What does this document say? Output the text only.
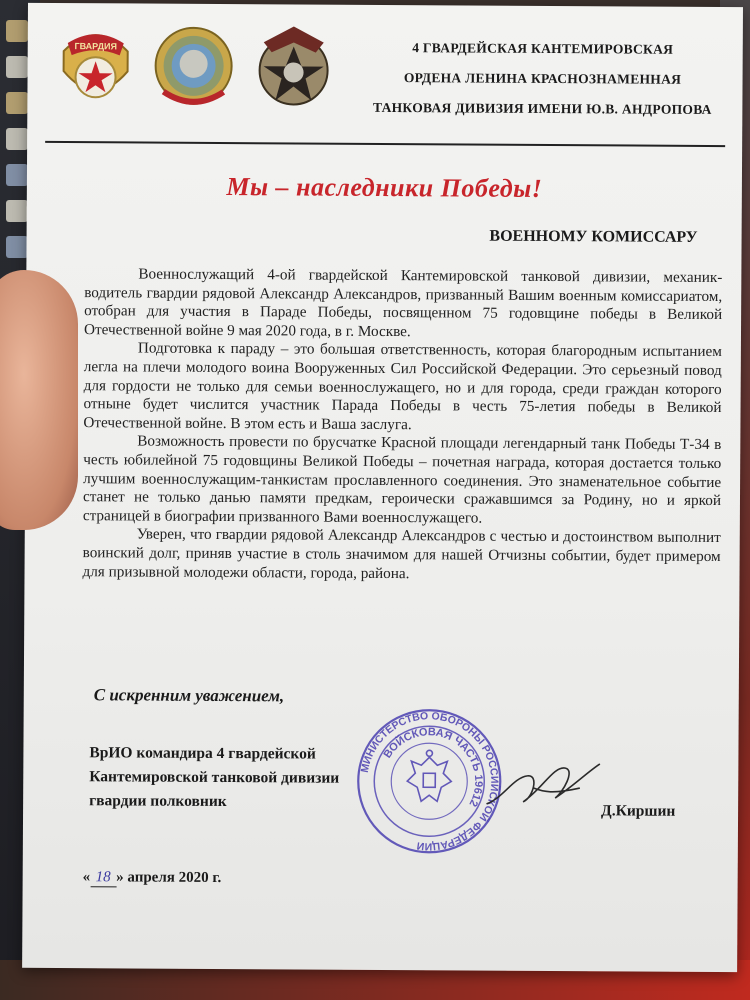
ГВАРДИЯ	4 ГВАРДЕЙСКАЯ КАНТЕМИРОВСКАЯ
ОРДЕНА ЛЕНИНА КРАСНОЗНАМЕННАЯ
ТАНКОВАЯ ДИВИЗИЯ ИМЕНИ Ю.В. АНДРОПОВА
Мы – наследники Победы!
ВОЕННОМУ КОМИССАРУ

Военнослужащий 4-ой гвардейской Кантемировской танковой дивизии, механик-водитель гвардии рядовой Александр Александров, призванный Вашим военным комиссариатом, отобран для участия в Параде Победы, посвященном 75 годовщине победы в Великой Отечественной войне 9 мая 2020 года, в г. Москве.

Подготовка к параду – это большая ответственность, которая благородным испытанием легла на плечи молодого воина Вооруженных Сил Российской Федерации. Это серьезный повод для гордости не только для семьи военнослужащего, но и для города, среди граждан которого отныне будет числится участник Парада Победы в честь 75-летия победы в Великой Отечественной войне. В этом есть и Ваша заслуга.

Возможность провести по брусчатке Красной площади легендарный танк Победы Т-34 в честь юбилейной 75 годовщины Великой Победы – почетная награда, которая достается только лучшим военнослужащим-танкистам прославленного соединения. Это знаменательное событие станет не только данью памяти предкам, героически сражавшимся за Родину, но и яркой страницей в биографии призванного Вами военнослужащего.

Уверен, что гвардии рядовой Александр Александров с честью и достоинством выполнит воинский долг, приняв участие в столь значимом для нашей Отчизны событии, будет примером для призывной молодежи области, города, района.

С искренним уважением,
ВрИО командира 4 гвардейской
Кантемировской танковой дивизии
гвардии полковник
МИНИСТЕРСТВО ОБОРОНЫ РОССИЙСКОЙ ФЕДЕРАЦИИ
ВОЙСКОВАЯ ЧАСТЬ 19612	Д.Киршин
« 18 » апреля 2020 г.
